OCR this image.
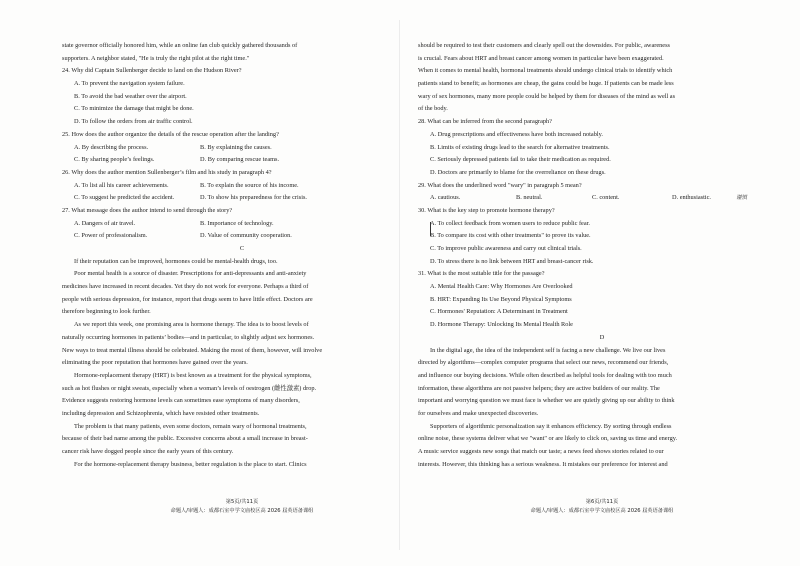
state governor officially honored him, while an online fan club quickly gathered thousands of
supporters. A neighbor stated, "He is truly the right pilot at the right time."
24. Why did Captain Sullenberger decide to land on the Hudson River?
A. To prevent the navigation system failure.
B. To avoid the bad weather over the airport.
C. To minimize the damage that might be done.
D. To follow the orders from air traffic control.
25. How does the author organize the details of the rescue operation after the landing?
A. By describing the process.	B. By explaining the causes.
C. By sharing people’s feelings.	D. By comparing rescue teams.
26. Why does the author mention Sullenberger’s film and his study in paragraph 4?
A. To list all his career achievements.	B. To explain the source of his income.
C. To suggest he predicted the accident.	D. To show his preparedness for the crisis.
27. What message does the author intend to send through the story?
A. Dangers of air travel.	B. Importance of technology.
C. Power of professionalism.	D. Value of community cooperation.
C
If their reputation can be improved, hormones could be mental-health drugs, too.
Poor mental health is a source of disaster. Prescriptions for anti-depressants and anti-anxiety
medicines have increased in recent decades. Yet they do not work for everyone. Perhaps a third of
people with serious depression, for instance, report that drugs seem to have little effect. Doctors are
therefore beginning to look further.
As we report this week, one promising area is hormone therapy. The idea is to boost levels of
naturally occurring hormones in patients’ bodies—and in particular, to slightly adjust sex hormones.
New ways to treat mental illness should be celebrated. Making the most of them, however, will involve
eliminating the poor reputation that hormones have gained over the years.
Hormone-replacement therapy (HRT) is best known as a treatment for the physical symptoms,
such as hot flushes or night sweats, especially when a woman’s levels of oestrogen (雌性激素) drop.
Evidence suggests restoring hormone levels can sometimes ease symptoms of many disorders,
including depression and Schizophrenia, which have resisted other treatments.
The problem is that many patients, even some doctors, remain wary of hormonal treatments,
because of their bad name among the public. Excessive concerns about a small increase in breast-
cancer risk have dogged people since the early years of this century.
For the hormone-replacement therapy business, better regulation is the place to start. Clinics
第5页/共11页
命题人/审题人：成都石室中学文庙校区高 2026 届英语备课组
should be required to test their customers and clearly spell out the downsides. For public, awareness
is crucial. Fears about HRT and breast cancer among women in particular have been exaggerated.
When it comes to mental health, hormonal treatments should undergo clinical trials to identify which
patients stand to benefit; as hormones are cheap, the gains could be huge. If patients can be made less
wary of sex hormones, many more people could be helped by them for diseases of the mind as well as
of the body.
28. What can be inferred from the second paragraph?
A. Drug prescriptions and effectiveness have both increased notably.
B. Limits of existing drugs lead to the search for alternative treatments.
C. Seriously depressed patients fail to take their medication as required.
D. Doctors are primarily to blame for the overreliance on these drugs.
29. What does the underlined word "wary" in paragraph 5 mean?
A. cautious.	B. neutral.	C. content.	D. enthusiastic.	谨慎
30. What is the key step to promote hormone therapy?
A. To collect feedback from women users to reduce public fear.
B. To compare its cost with other treatments" to prove its value.
C. To improve public awareness and carry out clinical trials.
D. To stress there is no link between HRT and breast-cancer risk.
31. What is the most suitable title for the passage?
A. Mental Health Care: Why Hormones Are Overlooked
B. HRT: Expanding Its Use Beyond Physical Symptoms
C. Hormones' Reputation: A Determinant in Treatment
D. Hormone Therapy: Unlocking Its Mental Health Role
D
In the digital age, the idea of the independent self is facing a new challenge. We live our lives
directed by algorithms—complex computer programs that select our news, recommend our friends,
and influence our buying decisions. While often described as helpful tools for dealing with too much
information, these algorithms are not passive helpers; they are active builders of our reality. The
important and worrying question we must face is whether we are quietly giving up our ability to think
for ourselves and make unexpected discoveries.
Supporters of algorithmic personalization say it enhances efficiency. By sorting through endless
online noise, these systems deliver what we "want" or are likely to click on, saving us time and energy.
A music service suggests new songs that match our taste; a news feed shows stories related to our
interests. However, this thinking has a serious weakness. It mistakes our preference for interest and
第6页/共11页
命题人/审题人：成都石室中学文庙校区高 2026 届英语备课组
